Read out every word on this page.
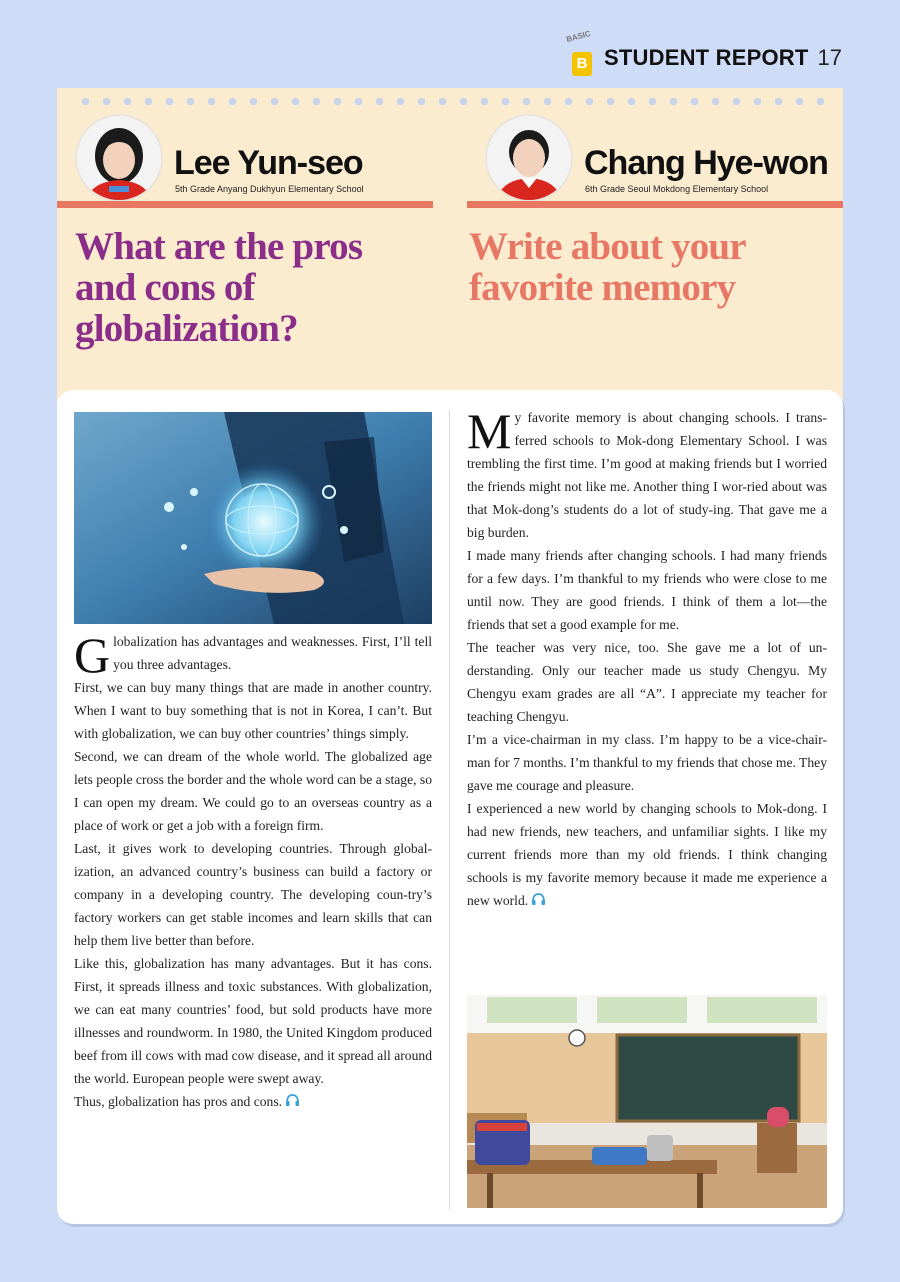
BASIC
B STUDENT REPORT 17
Lee Yun-seo
5th Grade Anyang Dukhyun Elementary School
Chang Hye-won
6th Grade Seoul Mokdong Elementary School
What are the pros and cons of globalization?
Write about your favorite memory

Globalization has advantages and weaknesses. First, I’ll tell you three advantages.

First, we can buy many things that are made in another country. When I want to buy something that is not in Korea, I can’t. But with globalization, we can buy other countries’ things simply.

Second, we can dream of the whole world. The globalized age lets people cross the border and the whole word can be a stage, so I can open my dream. We could go to an overseas country as a place of work or get a job with a foreign firm.

Last, it gives work to developing countries. Through global-ization, an advanced country’s business can build a factory or company in a developing country. The developing coun-try’s factory workers can get stable incomes and learn skills that can help them live better than before.

Like this, globalization has many advantages. But it has cons. First, it spreads illness and toxic substances. With globalization, we can eat many countries’ food, but sold products have more illnesses and roundworm. In 1980, the United Kingdom produced beef from ill cows with mad cow disease, and it spread all around the world. European people were swept away.

Thus, globalization has pros and cons.

My favorite memory is about changing schools. I trans-ferred schools to Mok-dong Elementary School. I was trembling the first time. I’m good at making friends but I worried the friends might not like me. Another thing I wor-ried about was that Mok-dong’s students do a lot of study-ing. That gave me a big burden.

I made many friends after changing schools. I had many friends for a few days. I’m thankful to my friends who were close to me until now. They are good friends. I think of them a lot—the friends that set a good example for me.

The teacher was very nice, too. She gave me a lot of un-derstanding. Only our teacher made us study Chengyu. My Chengyu exam grades are all “A”. I appreciate my teacher for teaching Chengyu.

I’m a vice-chairman in my class. I’m happy to be a vice-chair-man for 7 months. I’m thankful to my friends that chose me. They gave me courage and pleasure.

I experienced a new world by changing schools to Mok-dong. I had new friends, new teachers, and unfamiliar sights. I like my current friends more than my old friends. I think changing schools is my favorite memory because it made me experience a new world.
